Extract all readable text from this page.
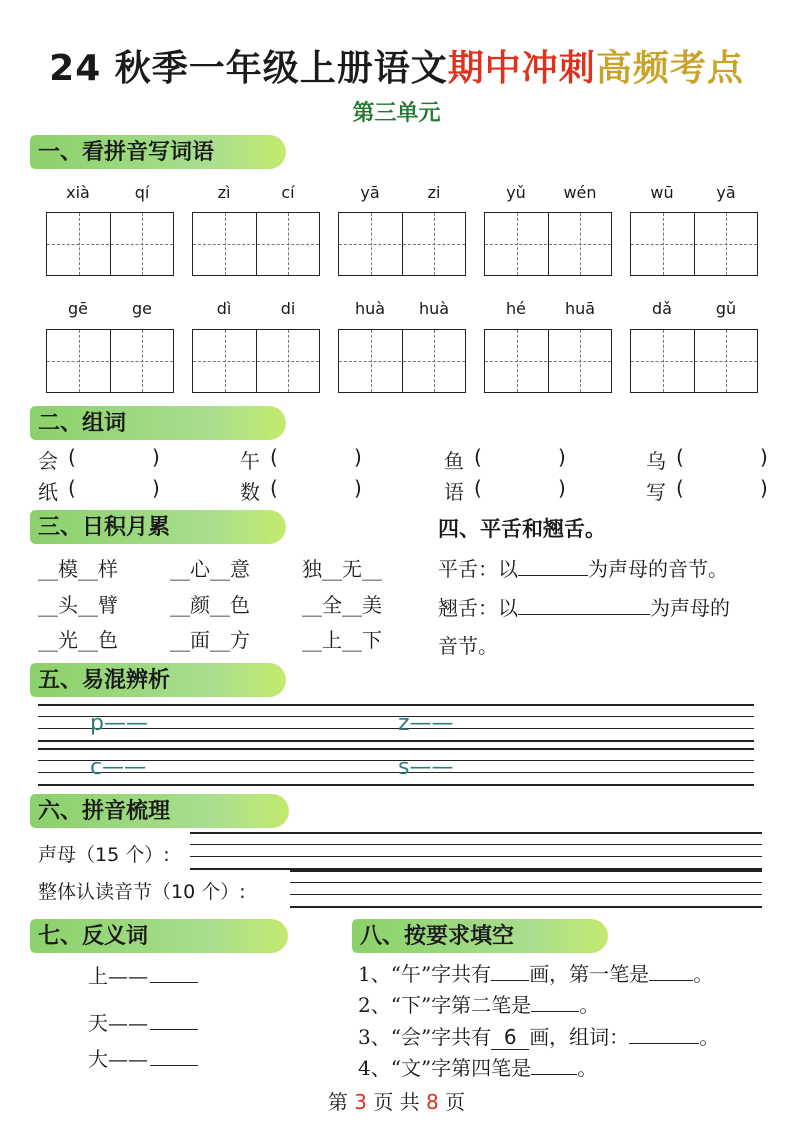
24 秋季一年级上册语文期中冲刺高频考点
第三单元
一、看拼音写词语
xià	qí	zì	cí	yā	zi	yǔ	wén	wū	yā
gē	ge	dì	di	huà	huà	hé	huā	dǎ	gǔ
二、组词
会 (	)	午 (	)	鱼 (	)	乌 (	)
纸 (	)	数 (	)	语 (	)	写 (	)
三、日积月累
__模__样	__心__意	独__无__
__头__臂	__颜__色	__全__美
__光__色	__面__方	__上__下
四、平舌和翘舌。
平舌：以	为声母的音节。
翘舌：以	为声母的
音节。
五、易混辨析
p——	z——
c——	s——
六、拼音梳理
声母（15 个）:
整体认读音节（10 个）:
七、反义词
上——
天——
大——
八、按要求填空
1、“午”字共有 画，第一笔是 。
2、“下”字第二笔是 。
3、“会”字共有 6 画，组词：	。
4、“文”字第四笔是 。
第 3 页 共 8 页
